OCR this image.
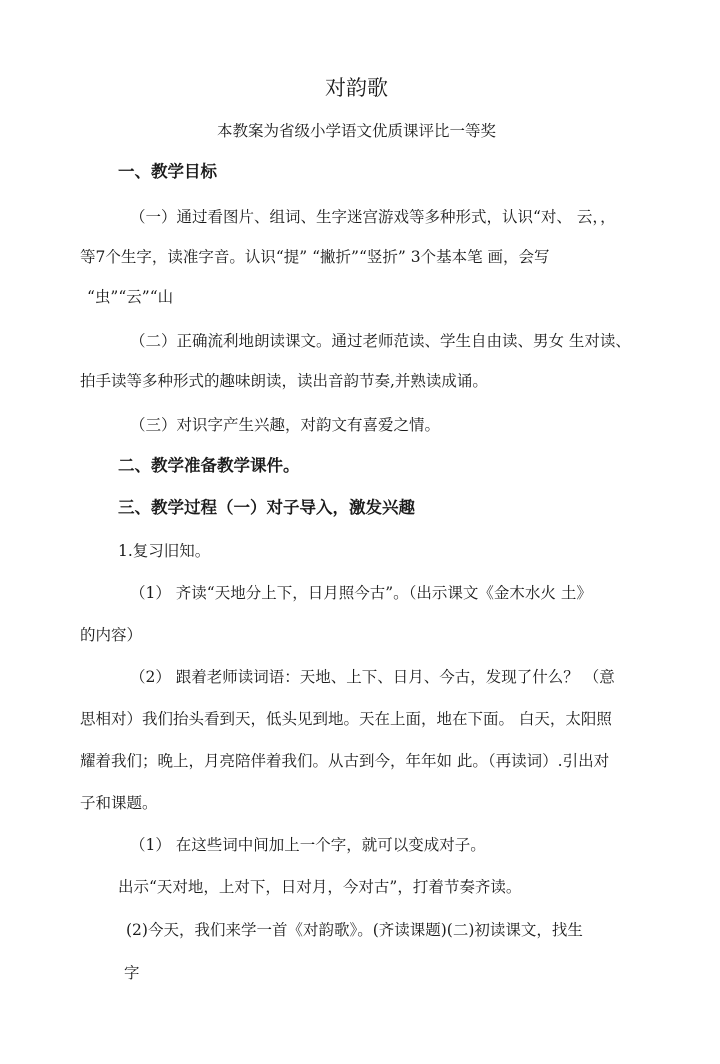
对韵歌
本教案为省级小学语文优质课评比一等奖
一、教学目标
（一）通过看图片、组词、生字迷宫游戏等多种形式，认识“对、 云，，
等7个生字，读准字音。认识“提” “撇折”“竖折” 3个基本笔 画，会写
“虫”“云”“山
（二）正确流利地朗读课文。通过老师范读、学生自由读、男女 生对读、
拍手读等多种形式的趣味朗读，读出音韵节奏,并熟读成诵。
（三）对识字产生兴趣，对韵文有喜爱之情。
二、教学准备教学课件。
三、教学过程（一）对子导入，激发兴趣
1.复习旧知。
（1） 齐读“天地分上下，日月照今古”。（出示课文《金木水火 土》
的内容）
（2） 跟着老师读词语：天地、上下、日月、今古，发现了什么？ （意
思相对）我们抬头看到天，低头见到地。天在上面，地在下面。 白天，太阳照
耀着我们；晚上，月亮陪伴着我们。从古到今，年年如 此。（再读词）.引出对
子和课题。
（1） 在这些词中间加上一个字，就可以变成对子。
出示“天对地，上对下，日对月，今对古”，打着节奏齐读。
(2)今天，我们来学一首《对韵歌》。(齐读课题)(二)初读课文，找生
字
